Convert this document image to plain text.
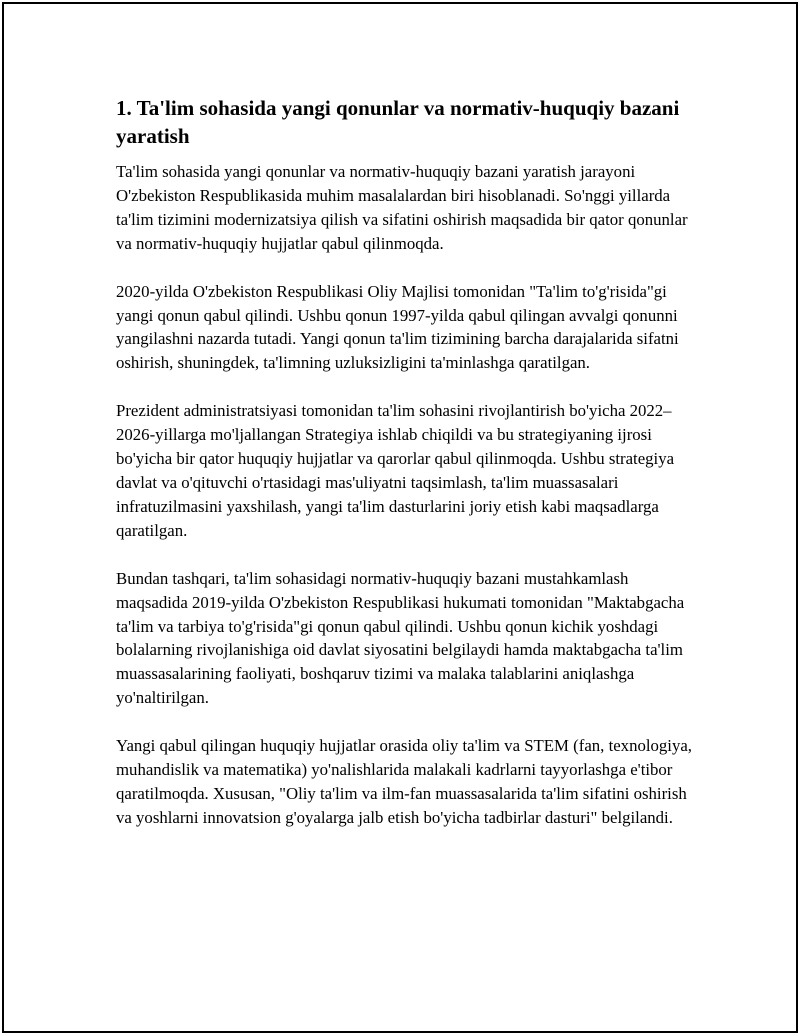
1. Ta'lim sohasida yangi qonunlar va normativ-huquqiy bazani yaratish

Ta'lim sohasida yangi qonunlar va normativ-huquqiy bazani yaratish jarayoni O'zbekiston Respublikasida muhim masalalardan biri hisoblanadi. So'nggi yillarda ta'lim tizimini modernizatsiya qilish va sifatini oshirish maqsadida bir qator qonunlar va normativ-huquqiy hujjatlar qabul qilinmoqda.

2020-yilda O'zbekiston Respublikasi Oliy Majlisi tomonidan "Ta'lim to'g'risida"gi yangi qonun qabul qilindi. Ushbu qonun 1997-yilda qabul qilingan avvalgi qonunni yangilashni nazarda tutadi. Yangi qonun ta'lim tizimining barcha darajalarida sifatni oshirish, shuningdek, ta'limning uzluksizligini ta'minlashga qaratilgan.

Prezident administratsiyasi tomonidan ta'lim sohasini rivojlantirish bo'yicha 2022–2026-yillarga mo'ljallangan Strategiya ishlab chiqildi va bu strategiyaning ijrosi bo'yicha bir qator huquqiy hujjatlar va qarorlar qabul qilinmoqda. Ushbu strategiya davlat va o'qituvchi o'rtasidagi mas'uliyatni taqsimlash, ta'lim muassasalari infratuzilmasini yaxshilash, yangi ta'lim dasturlarini joriy etish kabi maqsadlarga qaratilgan.

Bundan tashqari, ta'lim sohasidagi normativ-huquqiy bazani mustahkamlash maqsadida 2019-yilda O'zbekiston Respublikasi hukumati tomonidan "Maktabgacha ta'lim va tarbiya to'g'risida"gi qonun qabul qilindi. Ushbu qonun kichik yoshdagi bolalarning rivojlanishiga oid davlat siyosatini belgilaydi hamda maktabgacha ta'lim muassasalarining faoliyati, boshqaruv tizimi va malaka talablarini aniqlashga yo'naltirilgan.

Yangi qabul qilingan huquqiy hujjatlar orasida oliy ta'lim va STEM (fan, texnologiya, muhandislik va matematika) yo'nalishlarida malakali kadrlarni tayyorlashga e'tibor qaratilmoqda. Xususan, "Oliy ta'lim va ilm-fan muassasalarida ta'lim sifatini oshirish va yoshlarni innovatsion g'oyalarga jalb etish bo'yicha tadbirlar dasturi" belgilandi.
